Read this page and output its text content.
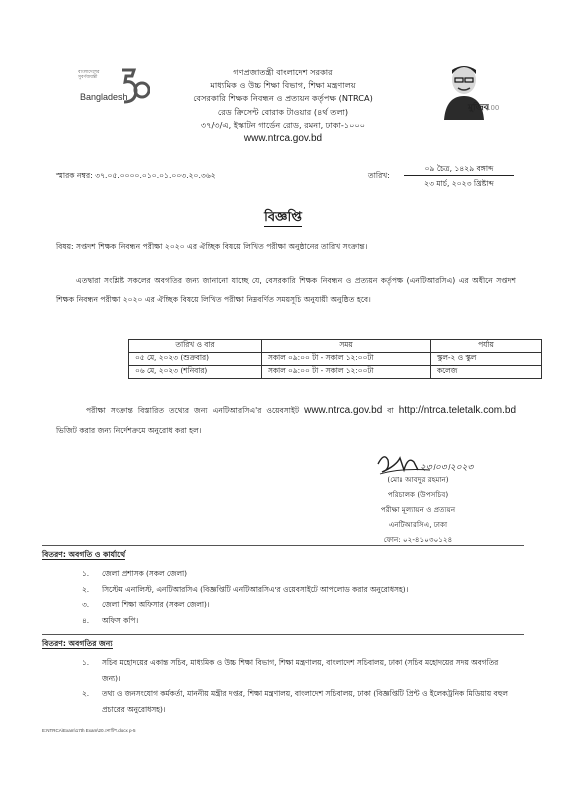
বাংলাদেশের সুবর্ণজয়ন্তী
Bangladesh
মুজিব
100
গণপ্রজাতন্ত্রী বাংলাদেশ সরকার
মাধ্যমিক ও উচ্চ শিক্ষা বিভাগ, শিক্ষা মন্ত্রণালয়
বেসরকারি শিক্ষক নিবন্ধন ও প্রত্যয়ন কর্তৃপক্ষ (NTRCA)
রেড ক্রিসেন্ট বোরাক টাওয়ার (৪র্থ তলা)
৩৭/৩/এ, ইস্কাটন গার্ডেন রোড, রমনা, ঢাকা-১০০০
www.ntrca.gov.bd
স্মারক নম্বর: ৩৭.০৫.০০০০.০১০.০১.০০৩.২০.৩৬২	তারিখ:
০৯ চৈত্র, ১৪২৯ বঙ্গাব্দ
২৩ মার্চ, ২০২৩ খ্রিষ্টাব্দ
বিজ্ঞপ্তি
বিষয়: সপ্তদশ শিক্ষক নিবন্ধন পরীক্ষা ২০২০ এর ঐচ্ছিক বিষয়ে লিখিত পরীক্ষা অনুষ্ঠানের তারিখ সংক্রান্ত।
এতদ্বারা সংশ্লিষ্ট সকলের অবগতির জন্য জানানো যাচ্ছে যে, বেসরকারি শিক্ষক নিবন্ধন ও প্রত্যয়ন কর্তৃপক্ষ (এনটিআরসিএ) এর অধীনে সপ্তদশ শিক্ষক নিবন্ধন পরীক্ষা ২০২০ এর ঐচ্ছিক বিষয়ে লিখিত পরীক্ষা নিম্নবর্ণিত সময়সূচি অনুযায়ী অনুষ্ঠিত হবে।
তারিখ ও বার	সময়	পর্যায়
০৫ মে, ২০২৩ (শুক্রবার)	সকাল ০৯:০০ টা - সকাল ১২:০০টা	স্কুল-২ ও স্কুল
০৬ মে, ২০২৩ (শনিবার)	সকাল ০৯:০০ টা - সকাল ১২:০০টা	কলেজ
পরীক্ষা সংক্রান্ত বিস্তারিত তথ্যের জন্য এনটিআরসিএ'র ওয়েবসাইট www.ntrca.gov.bd বা http://ntrca.teletalk.com.bd ভিজিট করার জন্য নির্দেশক্রমে অনুরোধ করা হল।
২৩।০৩।২০২৩
(মোঃ আবদুর রহমান)
পরিচালক (উপসচিব)
পরীক্ষা মূল্যায়ন ও প্রত্যয়ন
এনটিআরসিএ, ঢাকা
ফোন: ০২-৪১০৩০১২৪
বিতরণ: অবগতি ও কার্যার্থে
১. জেলা প্রশাসক (সকল জেলা)
২. সিস্টেম এনালিস্ট, এনটিআরসিএ (বিজ্ঞপ্তিটি এনটিআরসিএ'র ওয়েবসাইটে আপলোড করার অনুরোধসহ)।
৩. জেলা শিক্ষা অফিসার (সকল জেলা)।
৪. অফিস কপি।
বিতরণ: অবগতির জন্য
১. সচিব মহোদয়ের একান্ত সচিব, মাধ্যমিক ও উচ্চ শিক্ষা বিভাগ, শিক্ষা মন্ত্রণালয়, বাংলাদেশ সচিবালয়, ঢাকা (সচিব মহোদয়ের সদয় অবগতির জন্য)।
২. তথ্য ও জনসংযোগ কর্মকর্তা, মাননীয় মন্ত্রীর দপ্তর, শিক্ষা মন্ত্রণালয়, বাংলাদেশ সচিবালয়, ঢাকা (বিজ্ঞপ্তিটি প্রিন্ট ও ইলেকট্রনিক মিডিয়ায় বহুল প্রচারের অনুরোধসহ)।
E:NTRCA\Exam\17th Exam\20.নোটিশ.docx p-5
